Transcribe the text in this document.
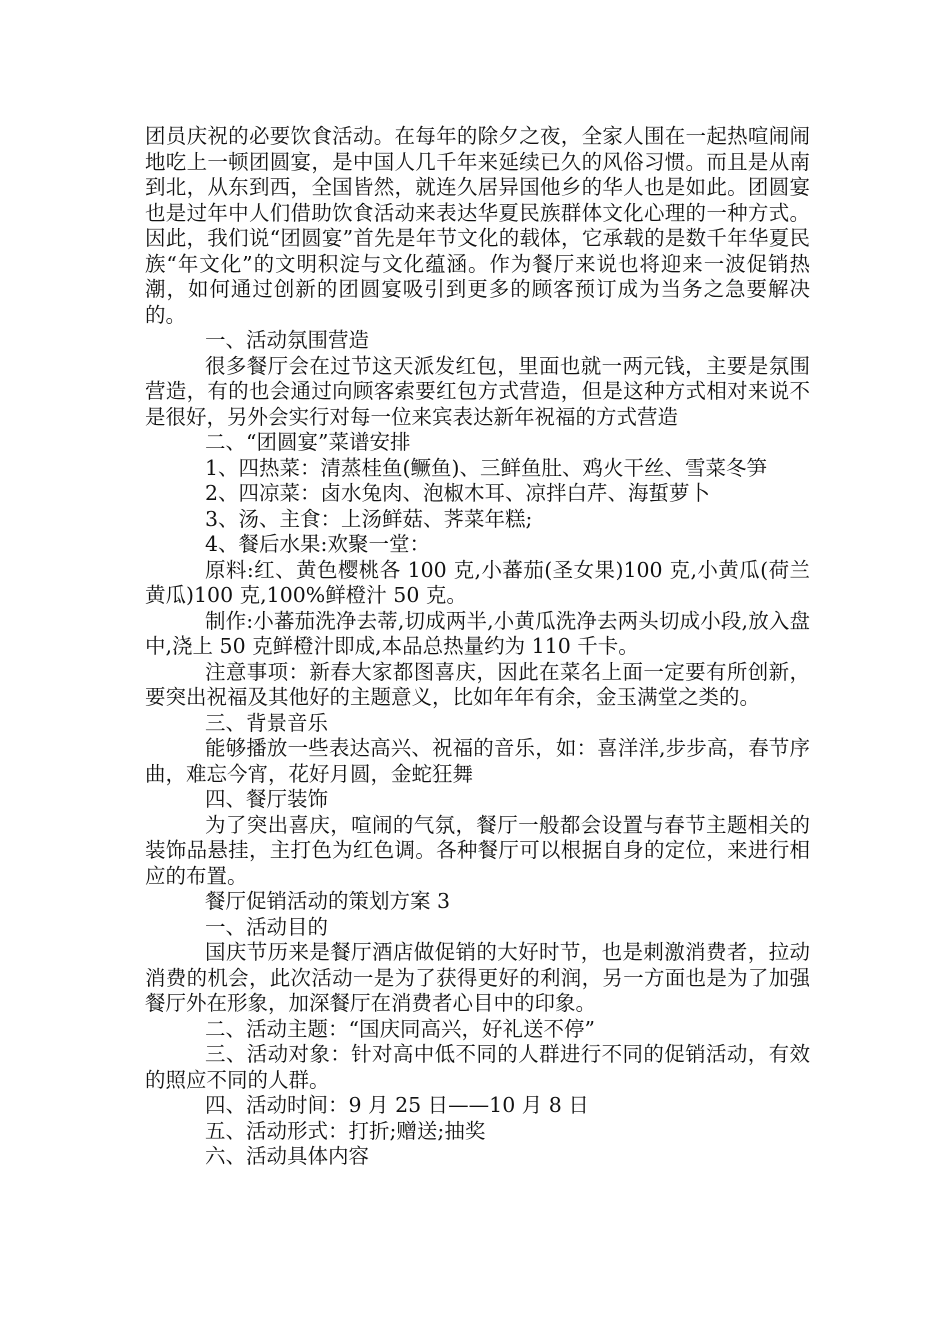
团员庆祝的必要饮食活动。在每年的除夕之夜，全家人围在一起热喧闹闹地吃上一顿团圆宴，是中国人几千年来延续已久的风俗习惯。而且是从南到北，从东到西，全国皆然，就连久居异国他乡的华人也是如此。团圆宴也是过年中人们借助饮食活动来表达华夏民族群体文化心理的一种方式。因此，我们说“团圆宴”首先是年节文化的载体，它承载的是数千年华夏民族“年文化”的文明积淀与文化蕴涵。作为餐厅来说也将迎来一波促销热潮，如何通过创新的团圆宴吸引到更多的顾客预订成为当务之急要解决的。

一、活动氛围营造

很多餐厅会在过节这天派发红包，里面也就一两元钱，主要是氛围营造，有的也会通过向顾客索要红包方式营造，但是这种方式相对来说不是很好，另外会实行对每一位来宾表达新年祝福的方式营造

二、“团圆宴”菜谱安排

1、四热菜：清蒸桂鱼(鳜鱼)、三鲜鱼肚、鸡火干丝、雪菜冬笋

2、四凉菜：卤水兔肉、泡椒木耳、凉拌白芹、海蜇萝卜

3、汤、主食：上汤鲜菇、荠菜年糕;

4、餐后水果:欢聚一堂：

原料:红、黄色樱桃各 100 克,小蕃茄(圣女果)100 克,小黄瓜(荷兰黄瓜)100 克,100%鲜橙汁 50 克。

制作:小蕃茄洗净去蒂,切成两半,小黄瓜洗净去两头切成小段,放入盘中,浇上 50 克鲜橙汁即成,本品总热量约为 110 千卡。

注意事项：新春大家都图喜庆，因此在菜名上面一定要有所创新，要突出祝福及其他好的主题意义，比如年年有余，金玉满堂之类的。

三、背景音乐

能够播放一些表达高兴、祝福的音乐，如：喜洋洋,步步高，春节序曲，难忘今宵，花好月圆，金蛇狂舞

四、餐厅装饰

为了突出喜庆，喧闹的气氛，餐厅一般都会设置与春节主题相关的装饰品悬挂，主打色为红色调。各种餐厅可以根据自身的定位，来进行相应的布置。

餐厅促销活动的策划方案 3

一、活动目的

国庆节历来是餐厅酒店做促销的大好时节，也是刺激消费者，拉动消费的机会，此次活动一是为了获得更好的利润，另一方面也是为了加强餐厅外在形象，加深餐厅在消费者心目中的印象。

二、活动主题：“国庆同高兴，好礼送不停”

三、活动对象：针对高中低不同的人群进行不同的促销活动，有效的照应不同的人群。

四、活动时间：9 月 25 日——10 月 8 日

五、活动形式：打折;赠送;抽奖

六、活动具体内容
